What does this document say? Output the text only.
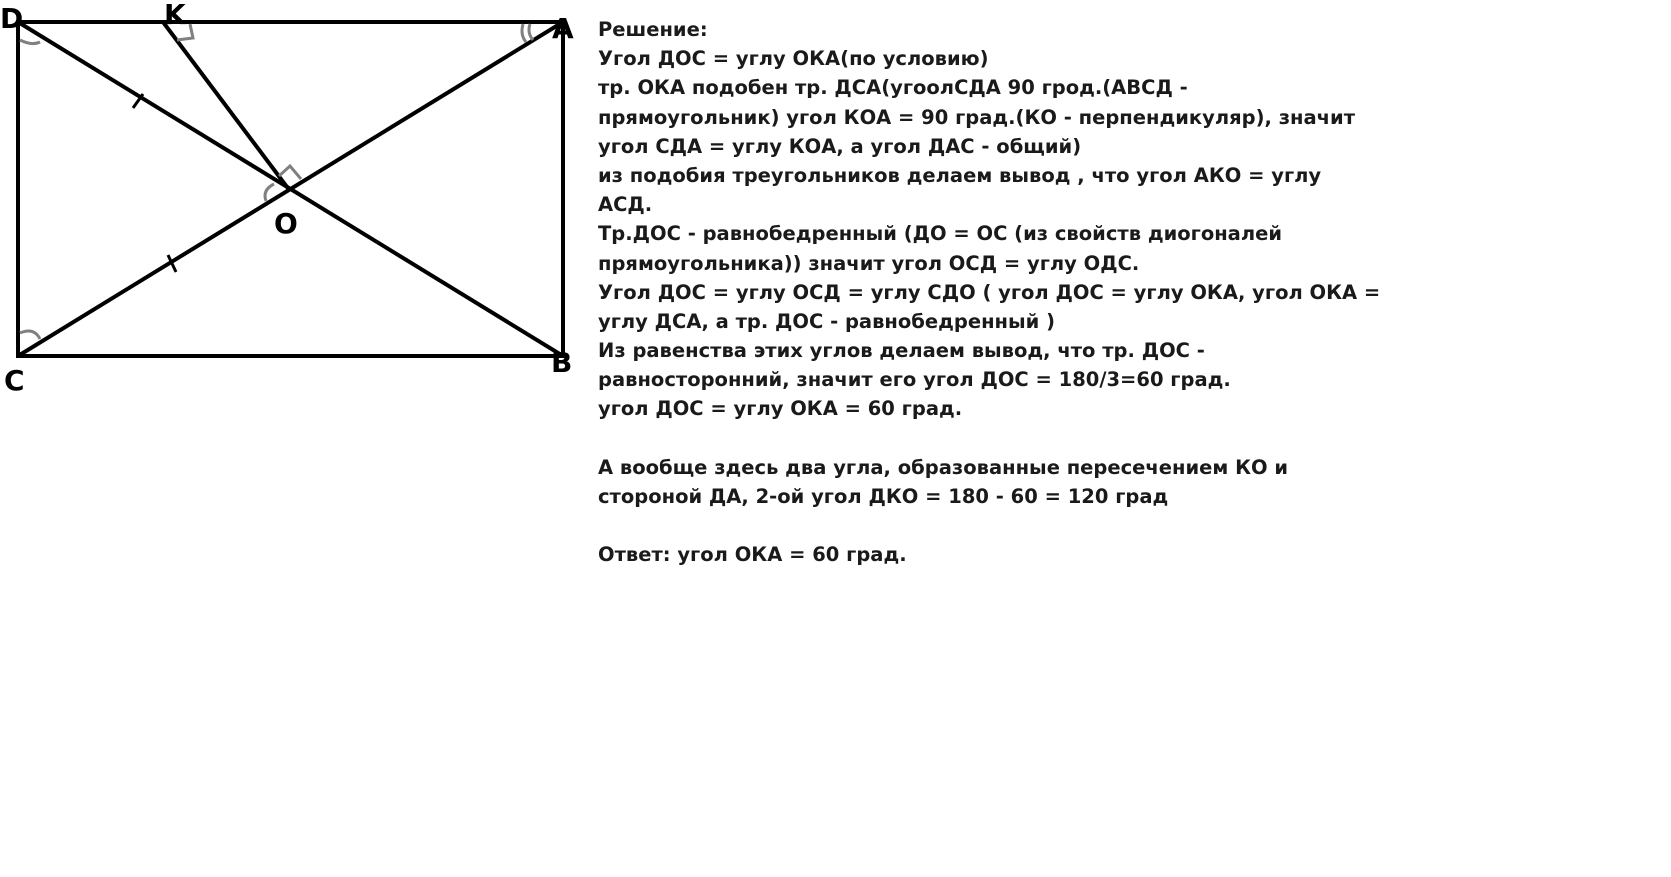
D	K	A
O
C
B
Решение:
Угол ДОС = углу ОКА(по условию)
тр. ОКА подобен тр. ДСА(угоолСДА 90 грод.(АВСД -
прямоугольник) угол КОА = 90 град.(КО - перпендикуляр), значит
угол СДА = углу КОА, а угол ДАС - общий)
из подобия треугольников делаем вывод , что угол АКО = углу
АСД.
Тр.ДОС - равнобедренный (ДО = ОС (из свойств диогоналей
прямоугольника)) значит угол ОСД = углу ОДС.
Угол ДОС = углу ОСД = углу СДО ( угол ДОС = углу ОКА, угол ОКА =
углу ДСА, а тр. ДОС - равнобедренный )
Из равенства этих углов делаем вывод, что тр. ДОС -
равносторонний, значит его угол ДОС = 180/3=60 град.
угол ДОС = углу ОКА = 60 град.
А вообще здесь два угла, образованные пересечением КО и
стороной ДА, 2-ой угол ДКО = 180 - 60 = 120 град
Ответ: угол ОКА = 60 град.
